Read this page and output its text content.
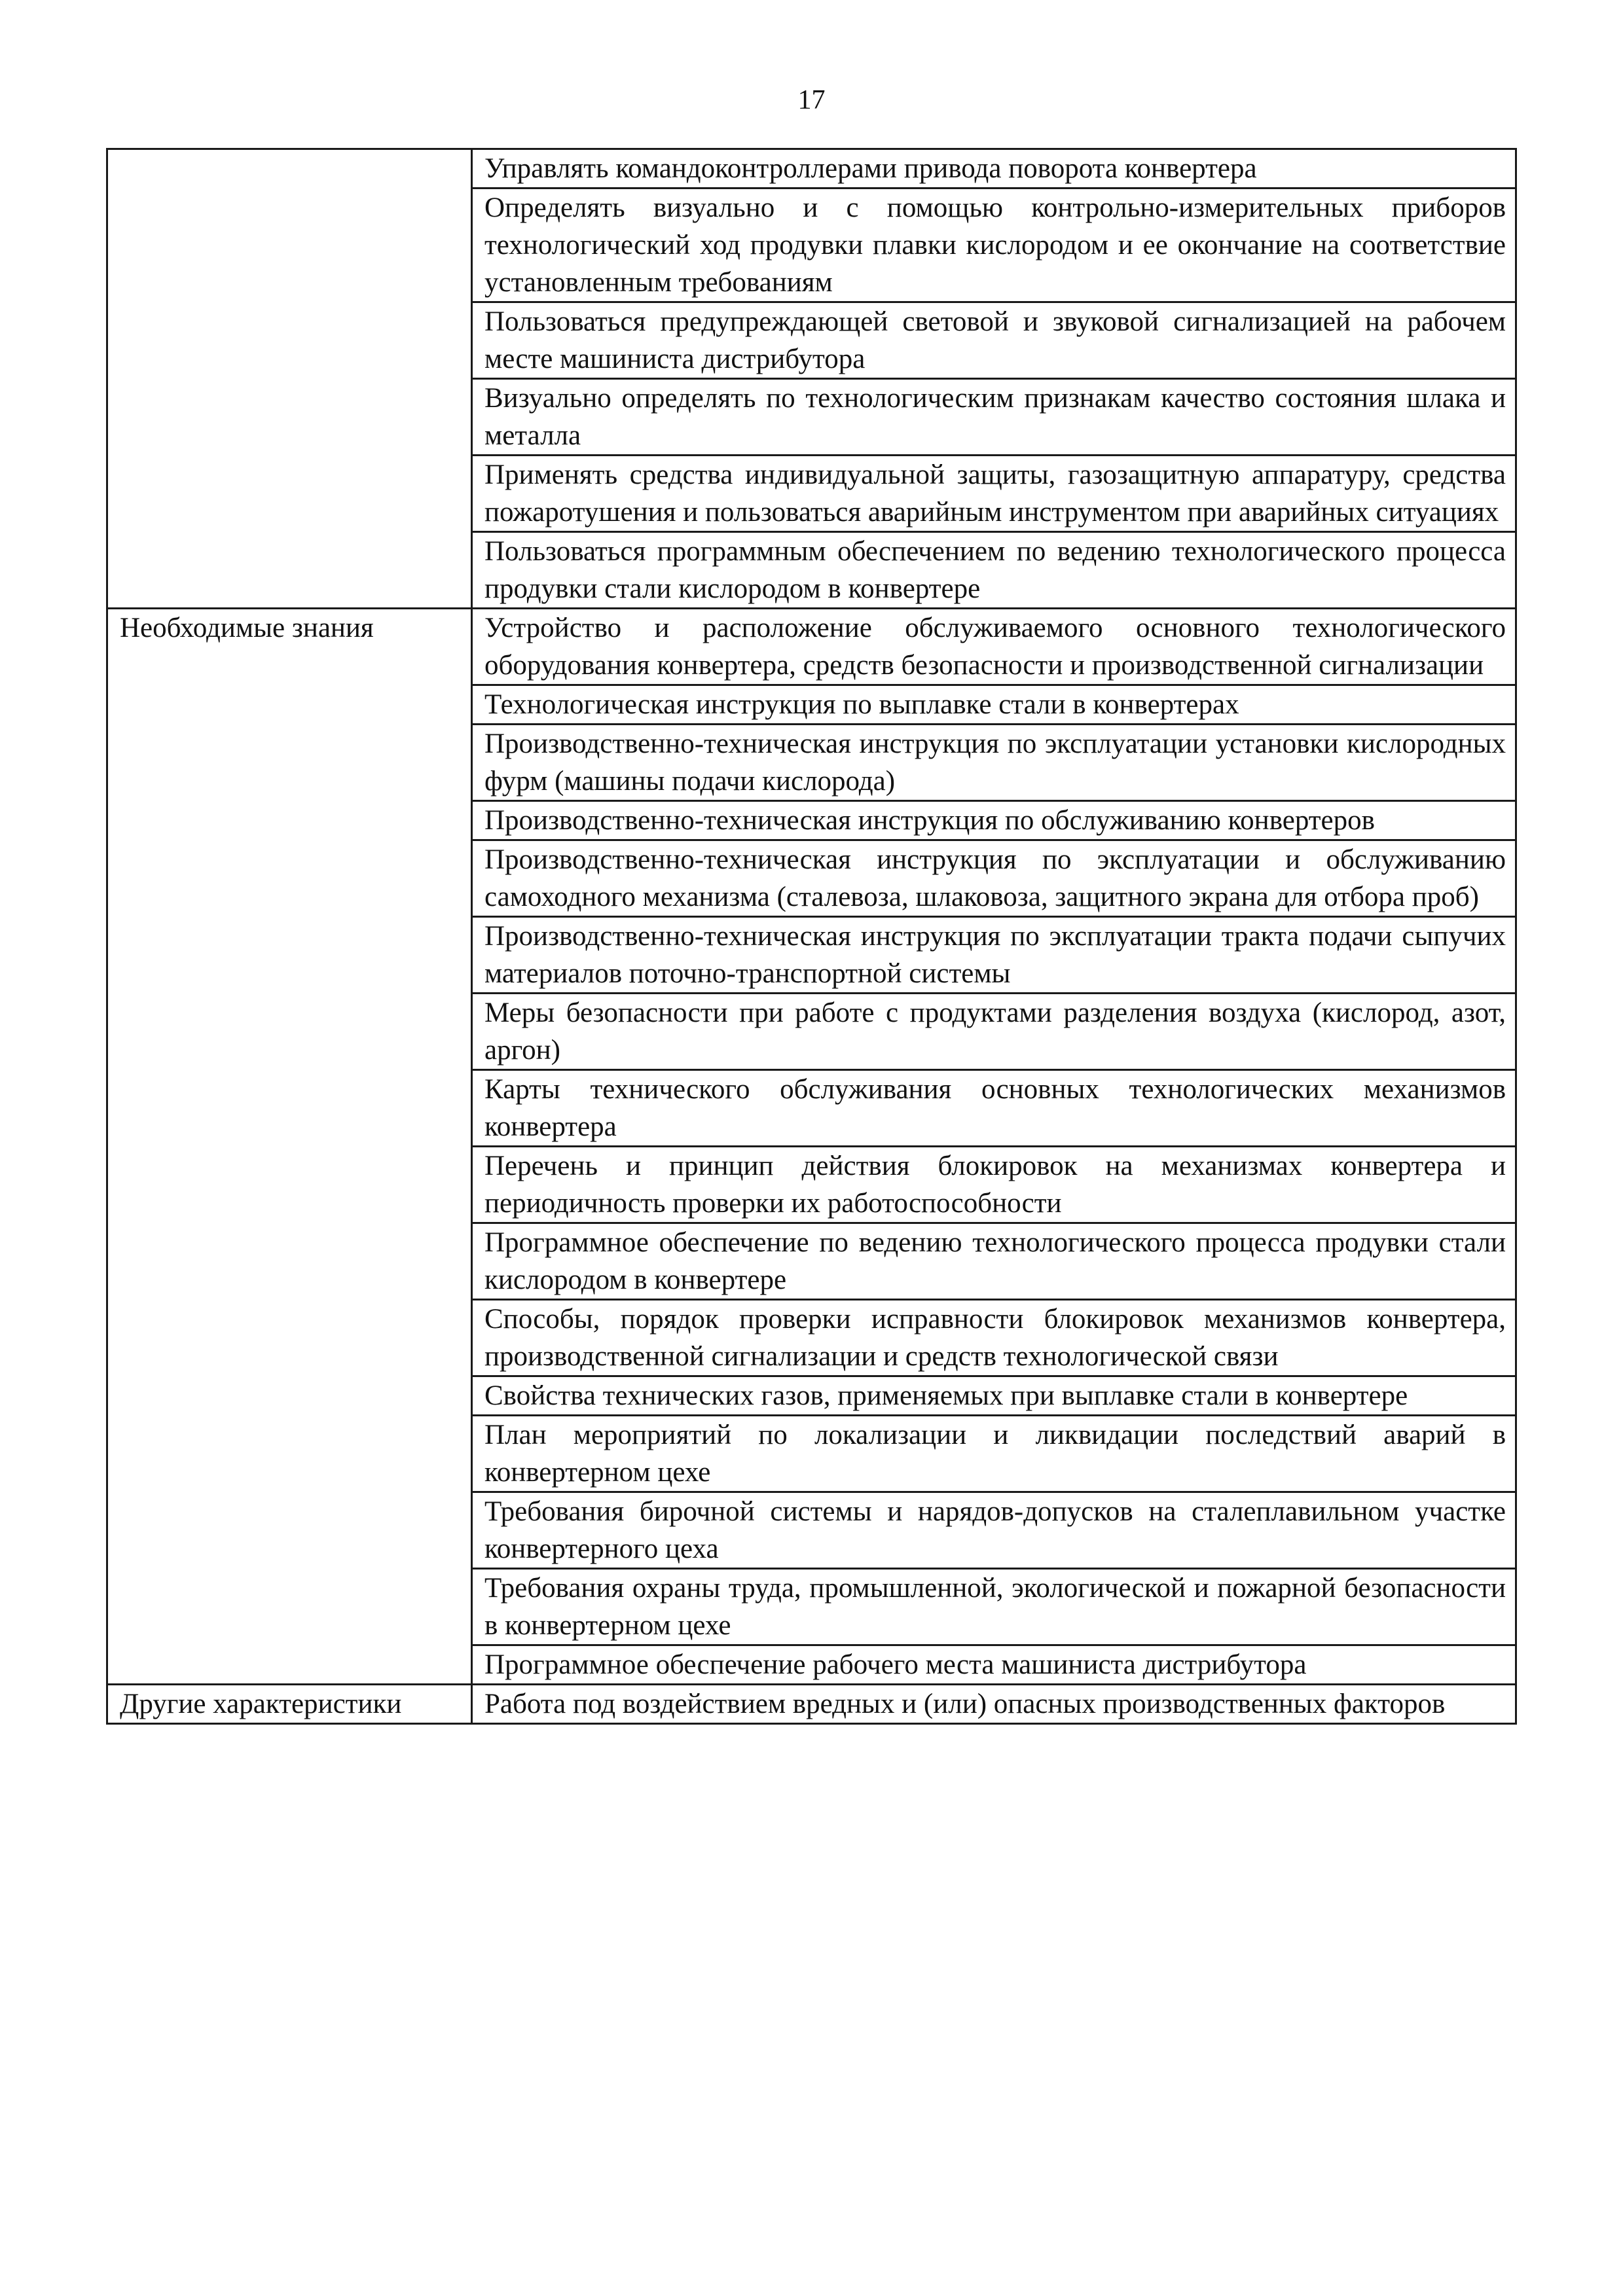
17
	Управлять командоконтроллерами привода поворота конвертера
	Определять визуально и с помощью контрольно-измерительных приборов технологический ход продувки плавки кислородом и ее окончание на соответствие установленным требованиям
	Пользоваться предупреждающей световой и звуковой сигнализацией на рабочем месте машиниста дистрибутора
	Визуально определять по технологическим признакам качество состояния шлака и металла
	Применять средства индивидуальной защиты, газозащитную аппаратуру, средства пожаротушения и пользоваться аварийным инструментом при аварийных ситуациях
	Пользоваться программным обеспечением по ведению технологического процесса продувки стали кислородом в конвертере
Необходимые знания	Устройство и расположение обслуживаемого основного технологического оборудования конвертера, средств безопасности и производственной сигнализации
	Технологическая инструкция по выплавке стали в конвертерах
	Производственно-техническая инструкция по эксплуатации установки кислородных фурм (машины подачи кислорода)
	Производственно-техническая инструкция по обслуживанию конвертеров
	Производственно-техническая инструкция по эксплуатации и обслуживанию самоходного механизма (сталевоза, шлаковоза, защитного экрана для отбора проб)
	Производственно-техническая инструкция по эксплуатации тракта подачи сыпучих материалов поточно-транспортной системы
	Меры безопасности при работе с продуктами разделения воздуха (кислород, азот, аргон)
	Карты технического обслуживания основных технологических механизмов конвертера
	Перечень и принцип действия блокировок на механизмах конвертера и периодичность проверки их работоспособности
	Программное обеспечение по ведению технологического процесса продувки стали кислородом в конвертере
	Способы, порядок проверки исправности блокировок механизмов конвертера, производственной сигнализации и средств технологической связи
	Свойства технических газов, применяемых при выплавке стали в конвертере
	План мероприятий по локализации и ликвидации последствий аварий в конвертерном цехе
	Требования бирочной системы и нарядов-допусков на сталеплавильном участке конвертерного цеха
	Требования охраны труда, промышленной, экологической и пожарной безопасности в конвертерном цехе
	Программное обеспечение рабочего места машиниста дистрибутора
Другие характеристики	Работа под воздействием вредных и (или) опасных производственных факторов
